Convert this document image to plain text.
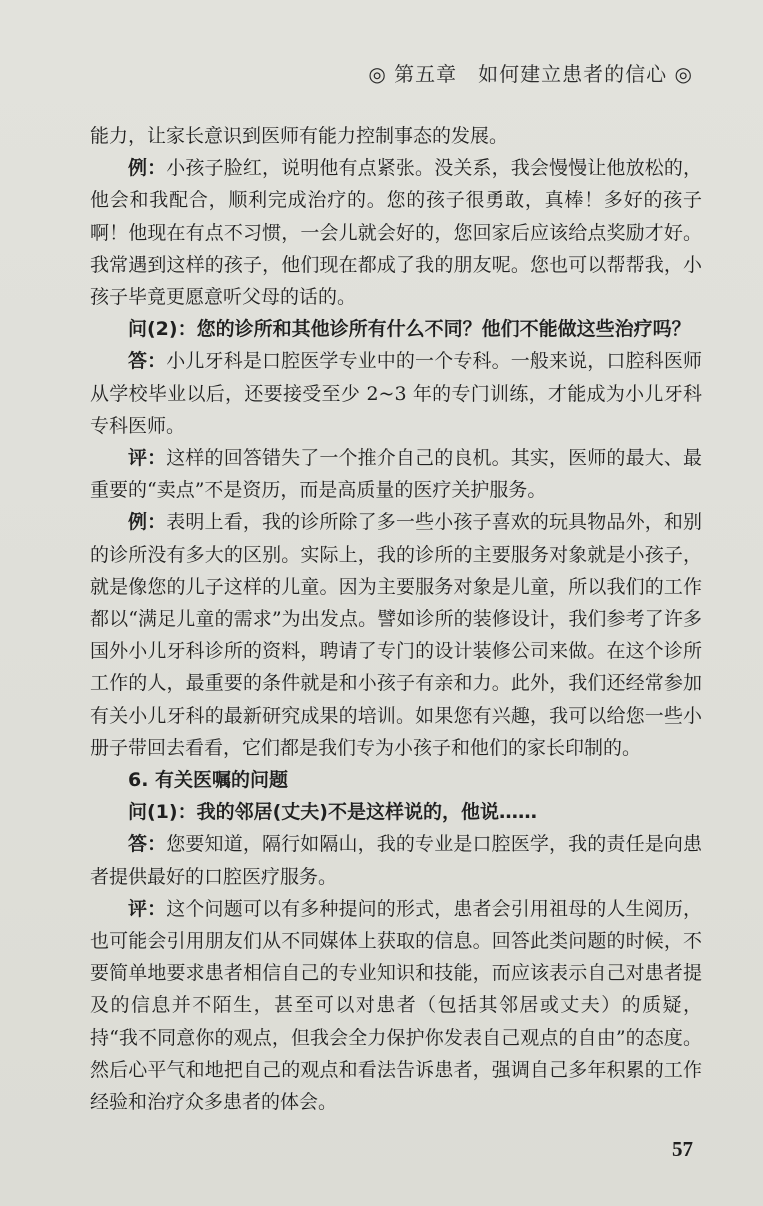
◎ 第五章　如何建立患者的信心 ◎

能力，让家长意识到医师有能力控制事态的发展。

例：小孩子脸红，说明他有点紧张。没关系，我会慢慢让他放松的，他会和我配合，顺利完成治疗的。您的孩子很勇敢，真棒！多好的孩子啊！他现在有点不习惯，一会儿就会好的，您回家后应该给点奖励才好。我常遇到这样的孩子，他们现在都成了我的朋友呢。您也可以帮帮我，小孩子毕竟更愿意听父母的话的。

问(2)：您的诊所和其他诊所有什么不同？他们不能做这些治疗吗？

答：小儿牙科是口腔医学专业中的一个专科。一般来说，口腔科医师从学校毕业以后，还要接受至少 2~3 年的专门训练，才能成为小儿牙科专科医师。

评：这样的回答错失了一个推介自己的良机。其实，医师的最大、最重要的“卖点”不是资历，而是高质量的医疗关护服务。

例：表明上看，我的诊所除了多一些小孩子喜欢的玩具物品外，和别的诊所没有多大的区别。实际上，我的诊所的主要服务对象就是小孩子，就是像您的儿子这样的儿童。因为主要服务对象是儿童，所以我们的工作都以“满足儿童的需求”为出发点。譬如诊所的装修设计，我们参考了许多国外小儿牙科诊所的资料，聘请了专门的设计装修公司来做。在这个诊所工作的人，最重要的条件就是和小孩子有亲和力。此外，我们还经常参加有关小儿牙科的最新研究成果的培训。如果您有兴趣，我可以给您一些小册子带回去看看，它们都是我们专为小孩子和他们的家长印制的。

6. 有关医嘱的问题

问(1)：我的邻居(丈夫)不是这样说的，他说……

答：您要知道，隔行如隔山，我的专业是口腔医学，我的责任是向患者提供最好的口腔医疗服务。

评：这个问题可以有多种提问的形式，患者会引用祖母的人生阅历，也可能会引用朋友们从不同媒体上获取的信息。回答此类问题的时候，不要简单地要求患者相信自己的专业知识和技能，而应该表示自己对患者提及的信息并不陌生，甚至可以对患者（包括其邻居或丈夫）的质疑，持“我不同意你的观点，但我会全力保护你发表自己观点的自由”的态度。然后心平气和地把自己的观点和看法告诉患者，强调自己多年积累的工作经验和治疗众多患者的体会。

57
